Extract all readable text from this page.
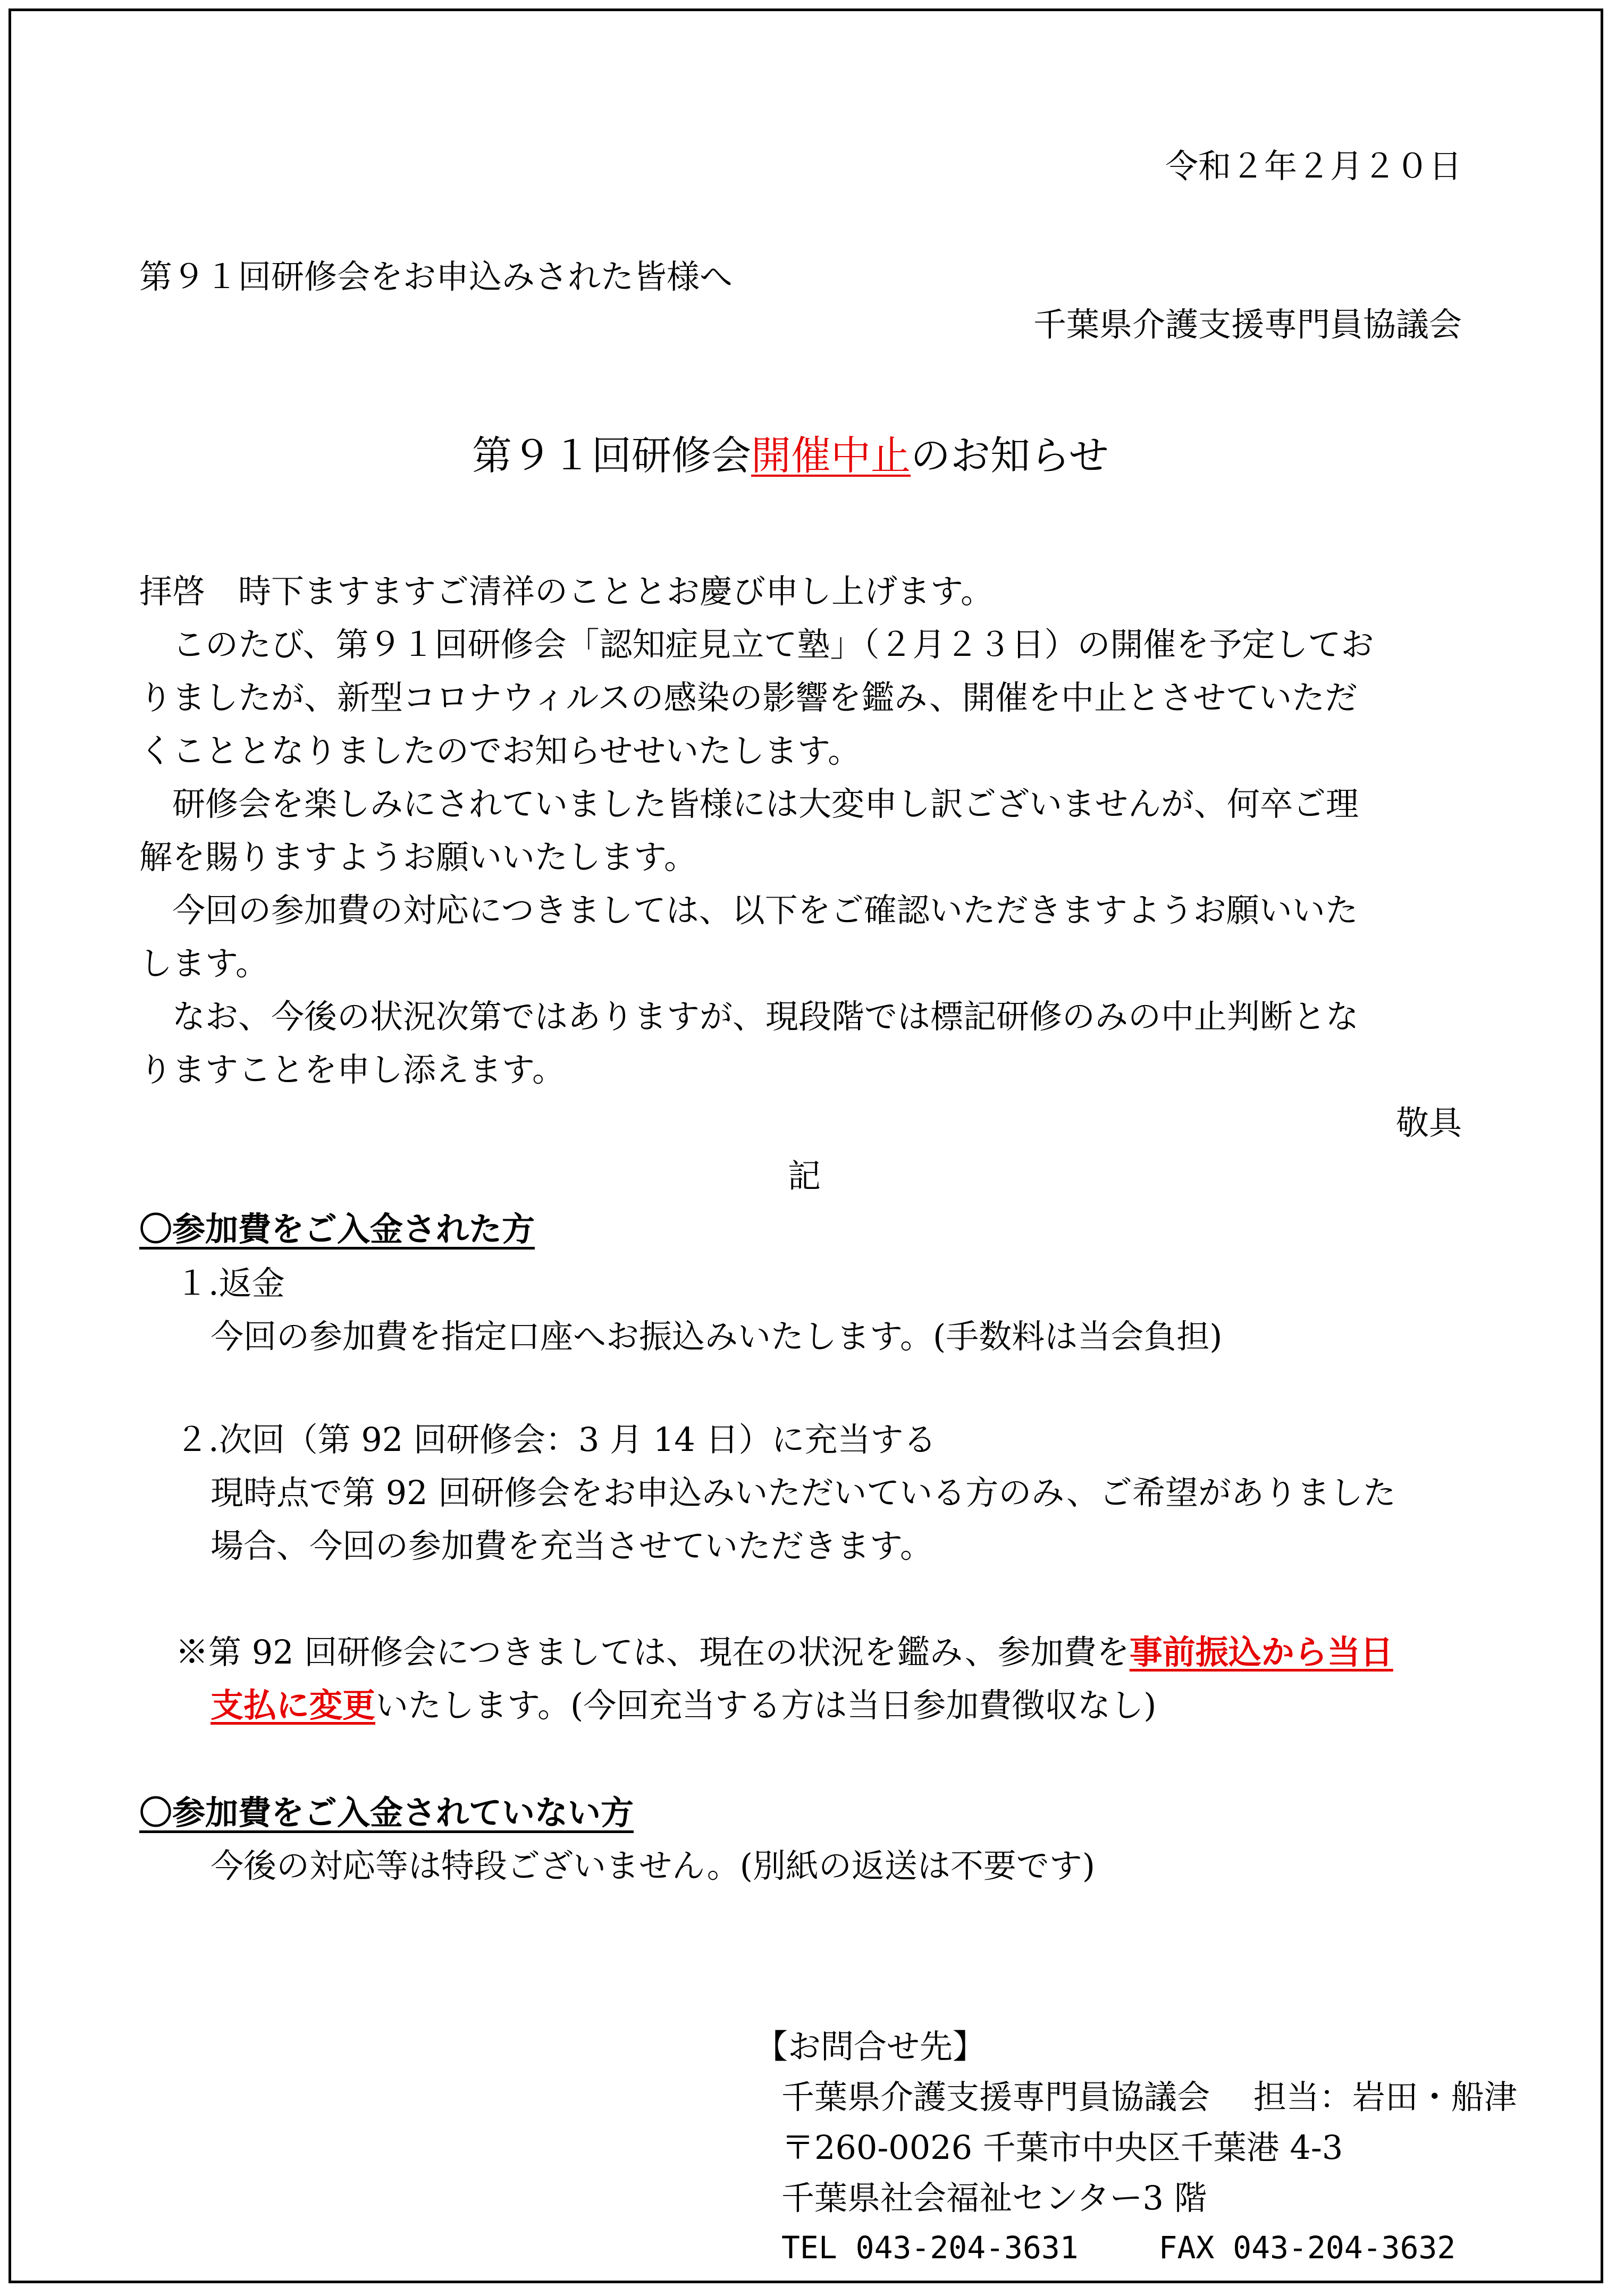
令和２年２月２０日
第９１回研修会をお申込みされた皆様へ
千葉県介護支援専門員協議会
第９１回研修会開催中止のお知らせ
拝啓　時下ますますご清祥のこととお慶び申し上げます。
　このたび、第９１回研修会「認知症見立て塾」（２月２３日）の開催を予定してお
りましたが、新型コロナウィルスの感染の影響を鑑み、開催を中止とさせていただ
くこととなりましたのでお知らせせいたします。
　研修会を楽しみにされていました皆様には大変申し訳ございませんが、何卒ご理
解を賜りますようお願いいたします。
　今回の参加費の対応につきましては、以下をご確認いただきますようお願いいた
します。
　なお、今後の状況次第ではありますが、現段階では標記研修のみの中止判断とな
りますことを申し添えます。
敬具
記
〇参加費をご入金された方
１.返金
今回の参加費を指定口座へお振込みいたします。(手数料は当会負担)
２.次回（第 92 回研修会：3 月 14 日）に充当する
現時点で第 92 回研修会をお申込みいただいている方のみ、ご希望がありました
場合、今回の参加費を充当させていただきます。
※第 92 回研修会につきましては、現在の状況を鑑み、参加費を事前振込から当日
支払に変更いたします。(今回充当する方は当日参加費徴収なし)
〇参加費をご入金されていない方
今後の対応等は特段ございません。(別紙の返送は不要です)
【お問合せ先】
千葉県介護支援専門員協議会　 担当：岩田・船津
〒260-0026 千葉市中央区千葉港 4-3
千葉県社会福祉センター3 階
TEL 043-204-3631　　 FAX 043-204-3632
